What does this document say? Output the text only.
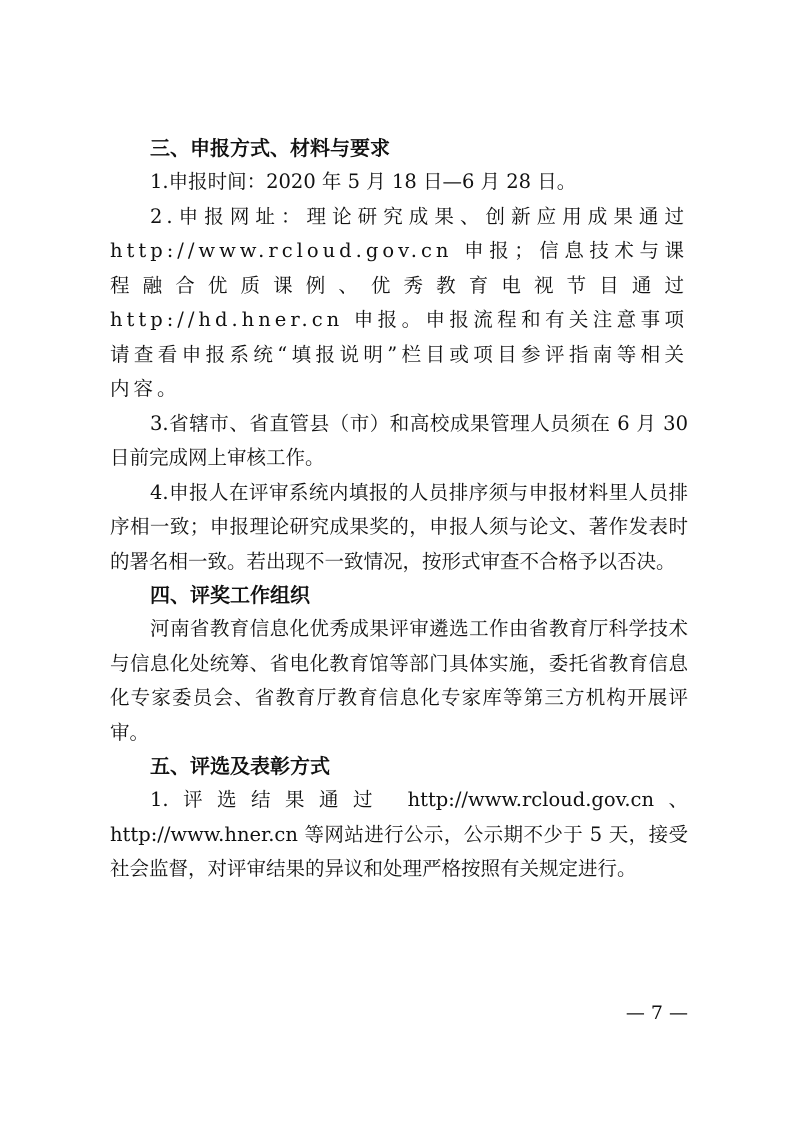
三、申报方式、材料与要求

1.申报时间：2020 年 5 月 18 日—6 月 28 日。

2.申报网址：理论研究成果、创新应用成果通过 http://www.rcloud.gov.cn 申报；信息技术与课程融合优质课例、优秀教育电视节目通过 http://hd.hner.cn 申报。申报流程和有关注意事项请查看申报系统“填报说明”栏目或项目参评指南等相关内容。

3.省辖市、省直管县（市）和高校成果管理人员须在 6 月 30 日前完成网上审核工作。

4.申报人在评审系统内填报的人员排序须与申报材料里人员排序相一致；申报理论研究成果奖的，申报人须与论文、著作发表时的署名相一致。若出现不一致情况，按形式审查不合格予以否决。

四、评奖工作组织

河南省教育信息化优秀成果评审遴选工作由省教育厅科学技术与信息化处统筹、省电化教育馆等部门具体实施，委托省教育信息化专家委员会、省教育厅教育信息化专家库等第三方机构开展评审。

五、评选及表彰方式

1.评选结果通过 http://www.rcloud.gov.cn、http://www.hner.cn 等网站进行公示，公示期不少于 5 天，接受社会监督，对评审结果的异议和处理严格按照有关规定进行。

— 7 —
